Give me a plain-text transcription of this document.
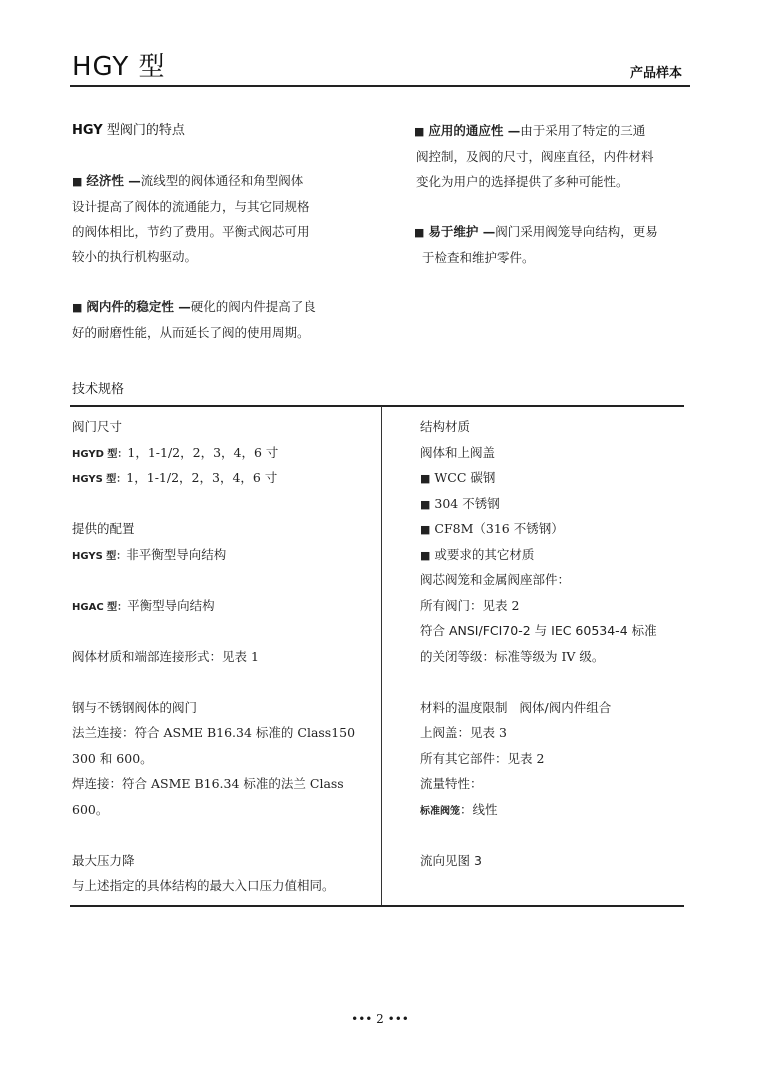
HGY 型	产品样本
HGY 型阀门的特点
■ 经济性 —流线型的阀体通径和角型阀体
设计提高了阀体的流通能力，与其它同规格
的阀体相比，节约了费用。平衡式阀芯可用
较小的执行机构驱动。
■ 阀内件的稳定性 —硬化的阀内件提高了良
好的耐磨性能，从而延长了阀的使用周期。
■ 应用的通应性 —由于采用了特定的三通
阀控制，及阀的尺寸，阀座直径，内件材料
变化为用户的选择提供了多种可能性。
■ 易于维护 —阀门采用阀笼导向结构，更易
于检查和维护零件。
技术规格
阀门尺寸
HGYD 型：1，1-1/2，2，3，4，6 寸
HGYS 型：1，1-1/2，2，3，4，6 寸
提供的配置
HGYS 型：非平衡型导向结构
HGAC 型：平衡型导向结构
阀体材质和端部连接形式：见表 1
钢与不锈钢阀体的阀门
法兰连接：符合 ASME B16.34 标准的 Class150
300 和 600。
焊连接：符合 ASME B16.34 标准的法兰 Class
600。
最大压力降
与上述指定的具体结构的最大入口压力值相同。
结构材质
阀体和上阀盖
■ WCC 碳钢
■ 304 不锈钢
■ CF8M（316 不锈钢）
■ 或要求的其它材质
阀芯阀笼和金属阀座部件：
所有阀门：见表 2
符合 ANSI/FCI70-2 与 IEC 60534-4 标准
的关闭等级：标准等级为 IV 级。
材料的温度限制 阀体/阀内件组合
上阀盖：见表 3
所有其它部件：见表 2
流量特性：
标准阀笼：线性
流向见图 3
••• 2 •••
